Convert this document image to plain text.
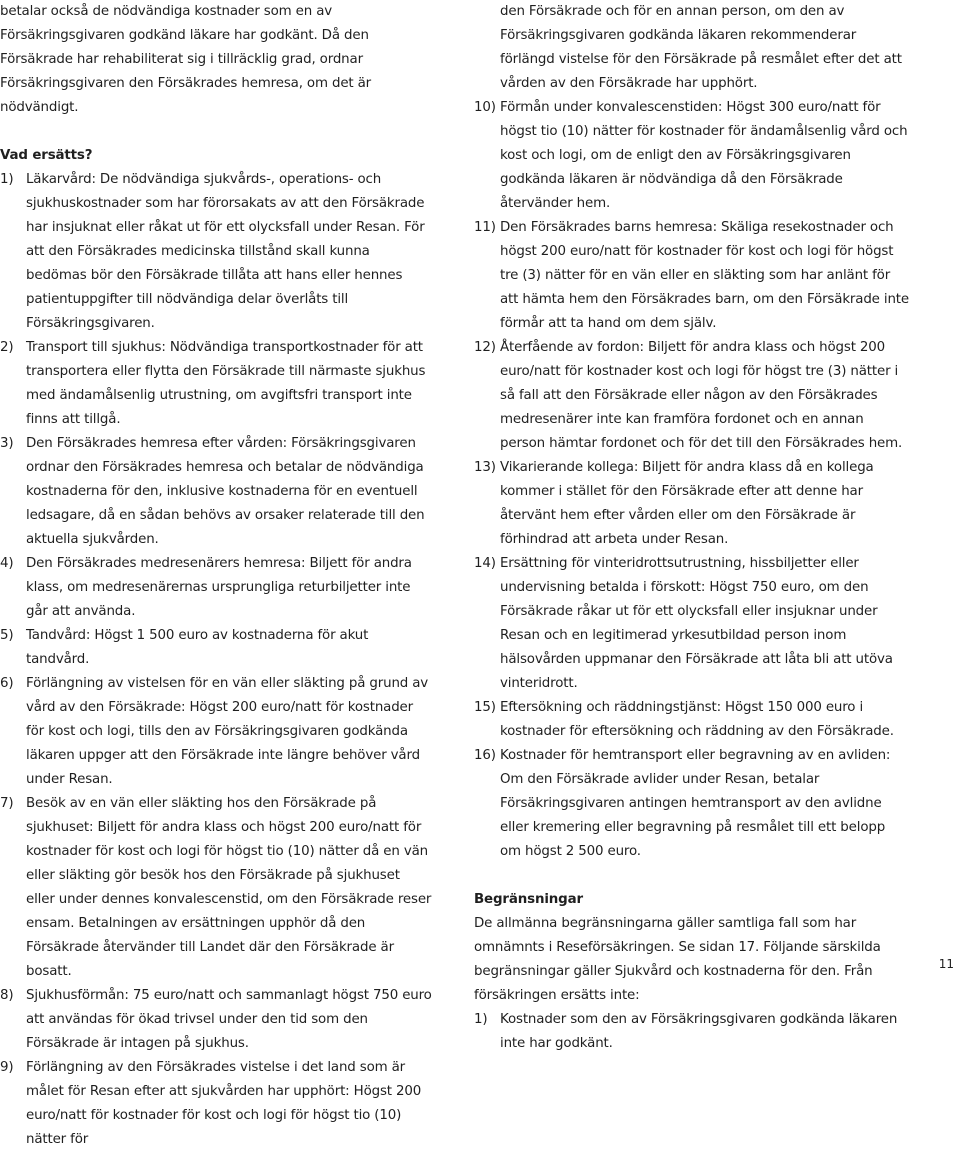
betalar också de nödvändiga kostnader som en av Försäkringsgivaren godkänd läkare har godkänt. Då den Försäkrade har rehabiliterat sig i tillräcklig grad, ordnar Försäkringsgivaren den Försäkrades hemresa, om det är nödvändigt.

Vad ersätts?

1) Läkarvård: De nödvändiga sjukvårds-, operations- och sjukhuskostnader som har förorsakats av att den Försäkrade har insjuknat eller råkat ut för ett olycksfall under Resan. För att den Försäkrades medicinska tillstånd skall kunna bedömas bör den Försäkrade tillåta att hans eller hennes patientuppgifter till nödvändiga delar överlåts till Försäkringsgivaren.
2) Transport till sjukhus: Nödvändiga transportkostnader för att transportera eller flytta den Försäkrade till närmaste sjukhus med ändamålsenlig utrustning, om avgiftsfri transport inte finns att tillgå.
3) Den Försäkrades hemresa efter vården: Försäkringsgivaren ordnar den Försäkrades hemresa och betalar de nödvändiga kostnaderna för den, inklusive kostnaderna för en eventuell ledsagare, då en sådan behövs av orsaker relaterade till den aktuella sjukvården.
4) Den Försäkrades medresenärers hemresa: Biljett för andra klass, om medresenärernas ursprungliga returbiljetter inte går att använda.
5) Tandvård: Högst 1 500 euro av kostnaderna för akut tandvård.
6) Förlängning av vistelsen för en vän eller släkting på grund av vård av den Försäkrade: Högst 200 euro/natt för kostnader för kost och logi, tills den av Försäkringsgivaren godkända läkaren uppger att den Försäkrade inte längre behöver vård under Resan.
7) Besök av en vän eller släkting hos den Försäkrade på sjukhuset: Biljett för andra klass och högst 200 euro/natt för kostnader för kost och logi för högst tio (10) nätter då en vän eller släkting gör besök hos den Försäkrade på sjukhuset eller under dennes konvalescenstid, om den Försäkrade reser ensam. Betalningen av ersättningen upphör då den Försäkrade återvänder till Landet där den Försäkrade är bosatt.
8) Sjukhusförmån: 75 euro/natt och sammanlagt högst 750 euro att användas för ökad trivsel under den tid som den Försäkrade är intagen på sjukhus.
9) Förlängning av den Försäkrades vistelse i det land som är målet för Resan efter att sjukvården har upphört: Högst 200 euro/natt för kostnader för kost och logi för högst tio (10) nätter för

den Försäkrade och för en annan person, om den av Försäkringsgivaren godkända läkaren rekommenderar förlängd vistelse för den Försäkrade på resmålet efter det att vården av den Försäkrade har upphört.

10) Förmån under konvalescenstiden: Högst 300 euro/natt för högst tio (10) nätter för kostnader för ändamålsenlig vård och kost och logi, om de enligt den av Försäkringsgivaren godkända läkaren är nödvändiga då den Försäkrade återvänder hem.
11) Den Försäkrades barns hemresa: Skäliga resekostnader och högst 200 euro/natt för kostnader för kost och logi för högst tre (3) nätter för en vän eller en släkting som har anlänt för att hämta hem den Försäkrades barn, om den Försäkrade inte förmår att ta hand om dem själv.
12) Återfående av fordon: Biljett för andra klass och högst 200 euro/natt för kostnader kost och logi för högst tre (3) nätter i så fall att den Försäkrade eller någon av den Försäkrades medresenärer inte kan framföra fordonet och en annan person hämtar fordonet och för det till den Försäkrades hem.
13) Vikarierande kollega: Biljett för andra klass då en kollega kommer i stället för den Försäkrade efter att denne har återvänt hem efter vården eller om den Försäkrade är förhindrad att arbeta under Resan.
14) Ersättning för vinteridrottsutrustning, hissbiljetter eller undervisning betalda i förskott: Högst 750 euro, om den Försäkrade råkar ut för ett olycksfall eller insjuknar under Resan och en legitimerad yrkesutbildad person inom hälsovården uppmanar den Försäkrade att låta bli att utöva vinteridrott.
15) Eftersökning och räddningstjänst: Högst 150 000 euro i kostnader för eftersökning och räddning av den Försäkrade.
16) Kostnader för hemtransport eller begravning av en avliden: Om den Försäkrade avlider under Resan, betalar Försäkringsgivaren antingen hemtransport av den avlidne eller kremering eller begravning på resmålet till ett belopp om högst 2 500 euro.

Begränsningar

De allmänna begränsningarna gäller samtliga fall som har omnämnts i Reseförsäkringen. Se sidan 17. Följande särskilda begränsningar gäller Sjukvård och kostnaderna för den. Från försäkringen ersätts inte:

1) Kostnader som den av Försäkringsgivaren godkända läkaren inte har godkänt.
11
